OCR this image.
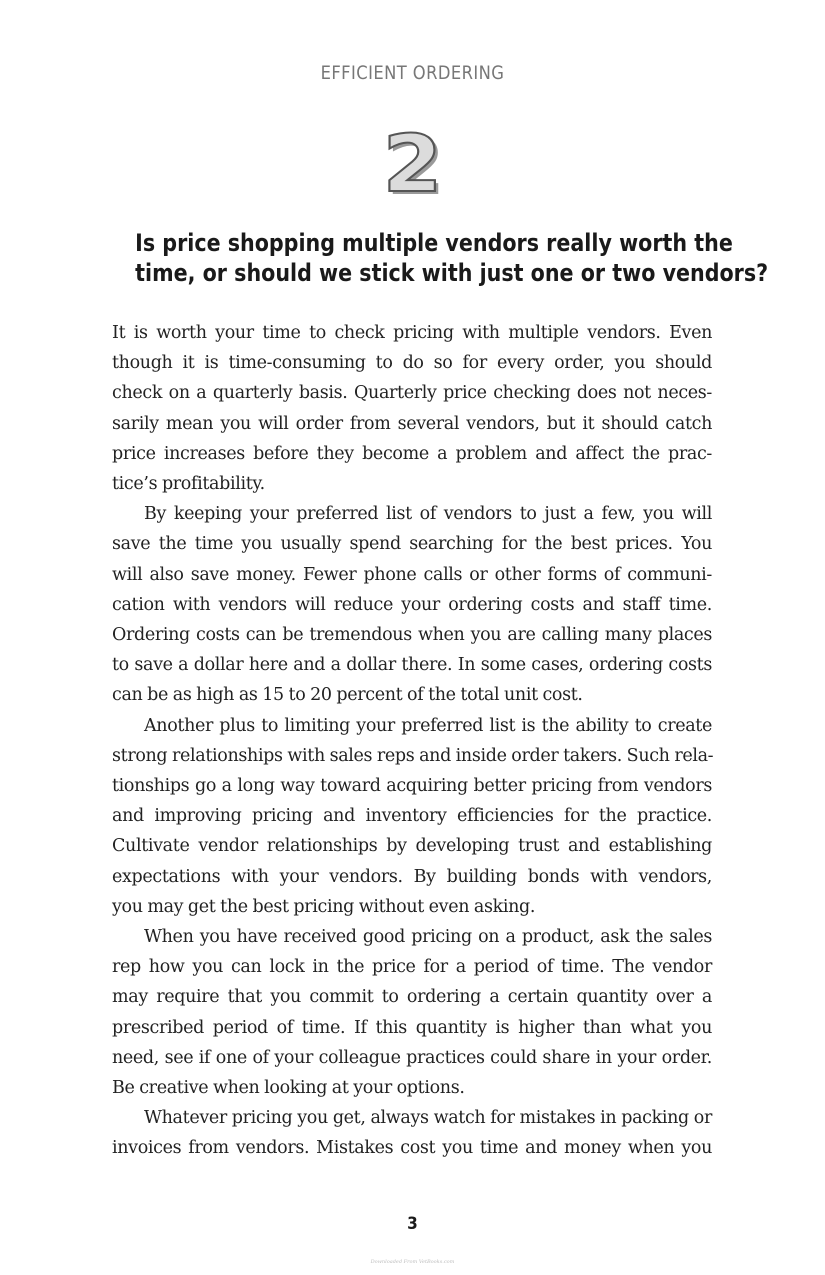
EFFICIENT ORDERING
2
Is price shopping multiple vendors really worth the
time, or should we stick with just one or two vendors?

It is worth your time to check pricing with multiple vendors. Even
though it is time-consuming to do so for every order, you should
check on a quarterly basis. Quarterly price checking does not neces-
sarily mean you will order from several vendors, but it should catch
price increases before they become a problem and affect the prac-
tice’s profitability.

By keeping your preferred list of vendors to just a few, you will
save the time you usually spend searching for the best prices. You
will also save money. Fewer phone calls or other forms of communi-
cation with vendors will reduce your ordering costs and staff time.
Ordering costs can be tremendous when you are calling many places
to save a dollar here and a dollar there. In some cases, ordering costs
can be as high as 15 to 20 percent of the total unit cost.

Another plus to limiting your preferred list is the ability to create
strong relationships with sales reps and inside order takers. Such rela-
tionships go a long way toward acquiring better pricing from vendors
and improving pricing and inventory efficiencies for the practice.
Cultivate vendor relationships by developing trust and establishing
expectations with your vendors. By building bonds with vendors,
you may get the best pricing without even asking.

When you have received good pricing on a product, ask the sales
rep how you can lock in the price for a period of time. The vendor
may require that you commit to ordering a certain quantity over a
prescribed period of time. If this quantity is higher than what you
need, see if one of your colleague practices could share in your order.
Be creative when looking at your options.

Whatever pricing you get, always watch for mistakes in packing or
invoices from vendors. Mistakes cost you time and money when you

3
Downloaded From VetBooks.com
